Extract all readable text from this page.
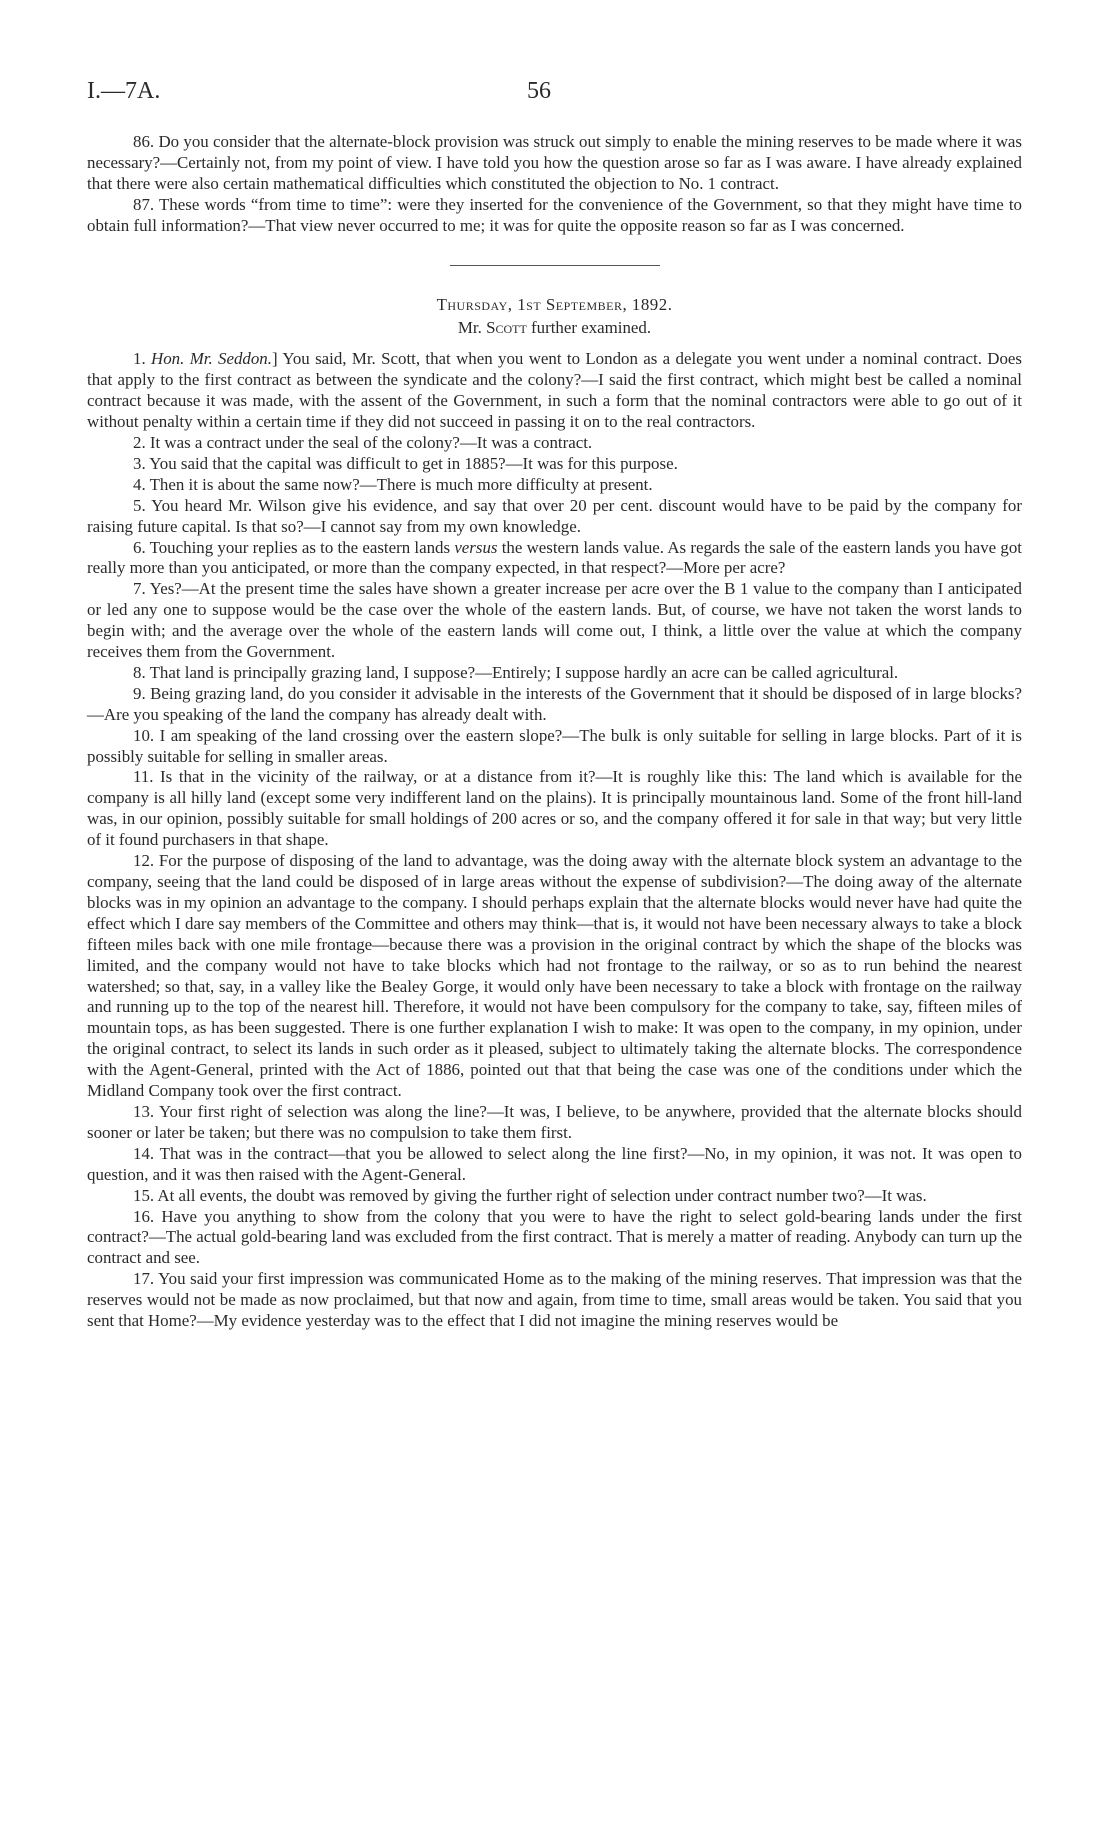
I.—7A.	56

86. Do you consider that the alternate-block provision was struck out simply to enable the mining reserves to be made where it was necessary?—Certainly not, from my point of view. I have told you how the question arose so far as I was aware. I have already explained that there were also certain mathematical difficulties which constituted the objection to No. 1 contract.

87. These words “from time to time”: were they inserted for the convenience of the Government, so that they might have time to obtain full information?—That view never occurred to me; it was for quite the opposite reason so far as I was concerned.

Thursday, 1st September, 1892.
Mr. Scott further examined.

1. Hon. Mr. Seddon.] You said, Mr. Scott, that when you went to London as a delegate you went under a nominal contract. Does that apply to the first contract as between the syndicate and the colony?—I said the first contract, which might best be called a nominal contract because it was made, with the assent of the Government, in such a form that the nominal contractors were able to go out of it without penalty within a certain time if they did not succeed in passing it on to the real contractors.

2. It was a contract under the seal of the colony?—It was a contract.

3. You said that the capital was difficult to get in 1885?—It was for this purpose.

4. Then it is about the same now?—There is much more difficulty at present.

5. You heard Mr. Wilson give his evidence, and say that over 20 per cent. discount would have to be paid by the company for raising future capital. Is that so?—I cannot say from my own knowledge.

6. Touching your replies as to the eastern lands versus the western lands value. As regards the sale of the eastern lands you have got really more than you anticipated, or more than the company expected, in that respect?—More per acre?

7. Yes?—At the present time the sales have shown a greater increase per acre over the B 1 value to the company than I anticipated or led any one to suppose would be the case over the whole of the eastern lands. But, of course, we have not taken the worst lands to begin with; and the average over the whole of the eastern lands will come out, I think, a little over the value at which the company receives them from the Government.

8. That land is principally grazing land, I suppose?—Entirely; I suppose hardly an acre can be called agricultural.

9. Being grazing land, do you consider it advisable in the interests of the Government that it should be disposed of in large blocks?—Are you speaking of the land the company has already dealt with.

10. I am speaking of the land crossing over the eastern slope?—The bulk is only suitable for selling in large blocks. Part of it is possibly suitable for selling in smaller areas.

11. Is that in the vicinity of the railway, or at a distance from it?—It is roughly like this: The land which is available for the company is all hilly land (except some very indifferent land on the plains). It is principally mountainous land. Some of the front hill-land was, in our opinion, possibly suitable for small holdings of 200 acres or so, and the company offered it for sale in that way; but very little of it found purchasers in that shape.

12. For the purpose of disposing of the land to advantage, was the doing away with the alternate block system an advantage to the company, seeing that the land could be disposed of in large areas without the expense of subdivision?—The doing away of the alternate blocks was in my opinion an advantage to the company. I should perhaps explain that the alternate blocks would never have had quite the effect which I dare say members of the Committee and others may think—that is, it would not have been necessary always to take a block fifteen miles back with one mile frontage—because there was a provision in the original contract by which the shape of the blocks was limited, and the company would not have to take blocks which had not frontage to the railway, or so as to run behind the nearest watershed; so that, say, in a valley like the Bealey Gorge, it would only have been necessary to take a block with frontage on the railway and running up to the top of the nearest hill. Therefore, it would not have been compulsory for the company to take, say, fifteen miles of mountain tops, as has been suggested. There is one further explanation I wish to make: It was open to the company, in my opinion, under the original contract, to select its lands in such order as it pleased, subject to ultimately taking the alternate blocks. The correspondence with the Agent-General, printed with the Act of 1886, pointed out that that being the case was one of the conditions under which the Midland Company took over the first contract.

13. Your first right of selection was along the line?—It was, I believe, to be anywhere, provided that the alternate blocks should sooner or later be taken; but there was no compulsion to take them first.

14. That was in the contract—that you be allowed to select along the line first?—No, in my opinion, it was not. It was open to question, and it was then raised with the Agent-General.

15. At all events, the doubt was removed by giving the further right of selection under contract number two?—It was.

16. Have you anything to show from the colony that you were to have the right to select gold-bearing lands under the first contract?—The actual gold-bearing land was excluded from the first contract. That is merely a matter of reading. Anybody can turn up the contract and see.

17. You said your first impression was communicated Home as to the making of the mining reserves. That impression was that the reserves would not be made as now proclaimed, but that now and again, from time to time, small areas would be taken. You said that you sent that Home?—My evidence yesterday was to the effect that I did not imagine the mining reserves would be
